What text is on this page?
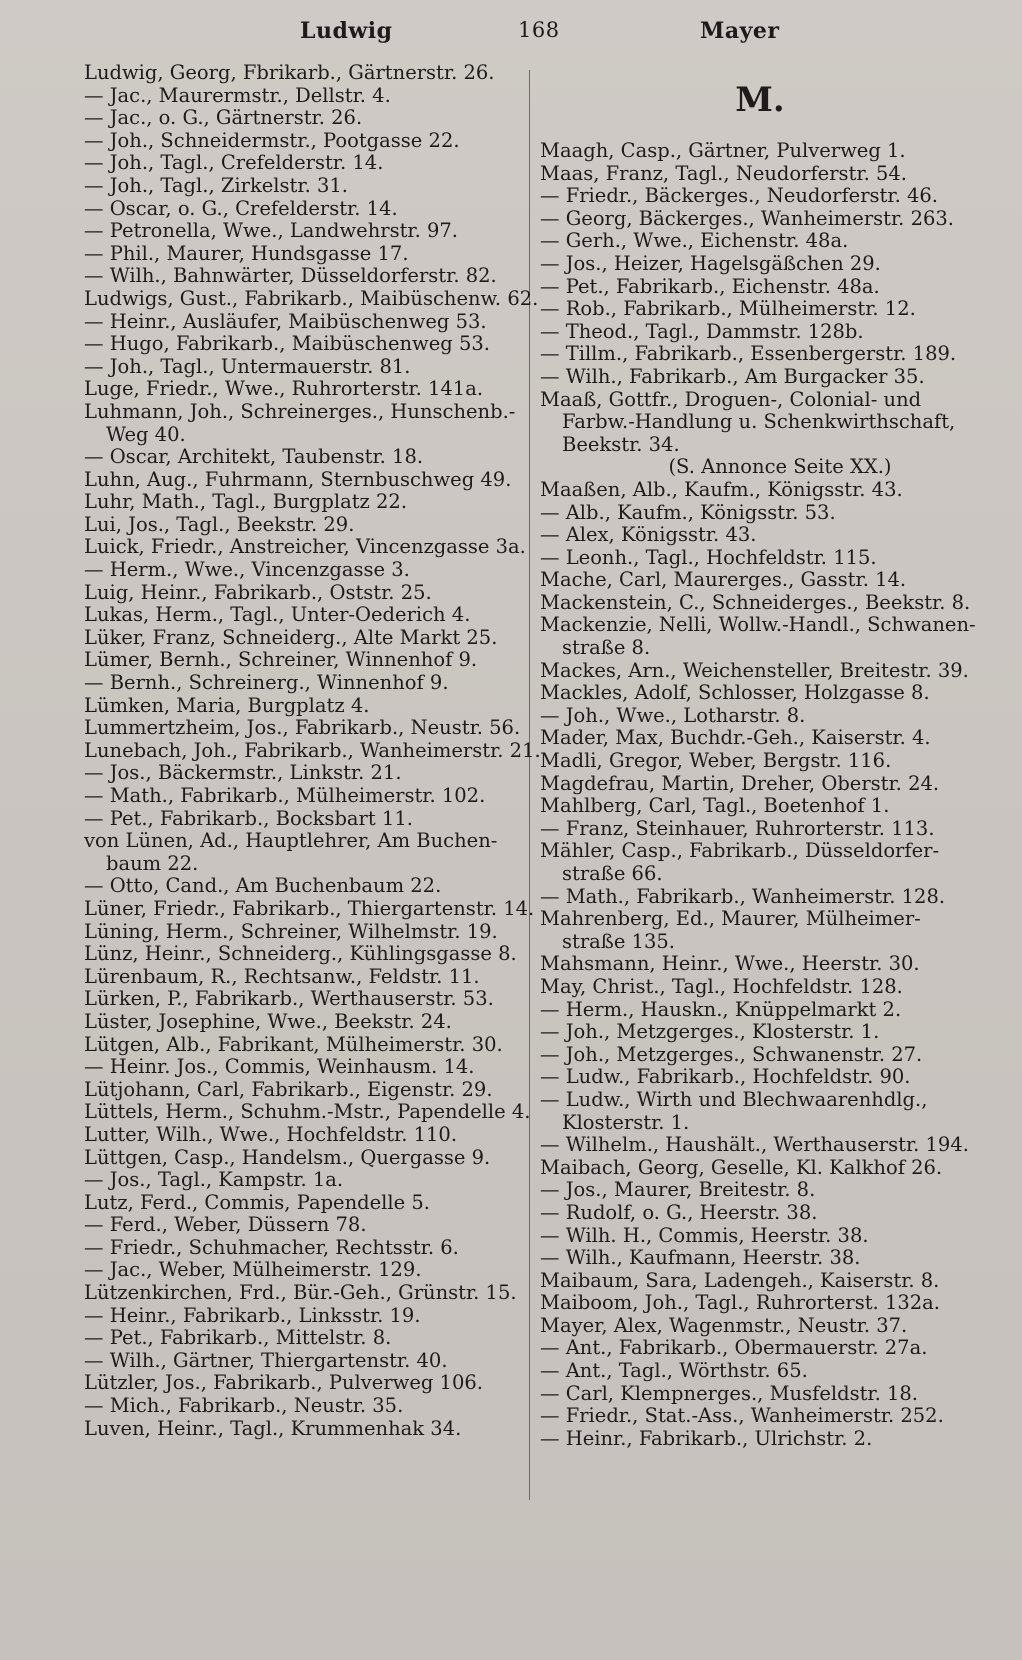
Ludwig	168	Mayer
Ludwig, Georg, Fbrikarb., Gärtnerstr. 26.
— Jac., Maurermstr., Dellstr. 4.
— Jac., o. G., Gärtnerstr. 26.
— Joh., Schneidermstr., Pootgasse 22.
— Joh., Tagl., Crefelderstr. 14.
— Joh., Tagl., Zirkelstr. 31.
— Oscar, o. G., Crefelderstr. 14.
— Petronella, Wwe., Landwehrstr. 97.
— Phil., Maurer, Hundsgasse 17.
— Wilh., Bahnwärter, Düsseldorferstr. 82.
Ludwigs, Gust., Fabrikarb., Maibüschenw. 62.
— Heinr., Ausläufer, Maibüschenweg 53.
— Hugo, Fabrikarb., Maibüschenweg 53.
— Joh., Tagl., Untermauerstr. 81.
Luge, Friedr., Wwe., Ruhrorterstr. 141a.
Luhmann, Joh., Schreinerges., Hunschenb.-
Weg 40.
— Oscar, Architekt, Taubenstr. 18.
Luhn, Aug., Fuhrmann, Sternbuschweg 49.
Luhr, Math., Tagl., Burgplatz 22.
Lui, Jos., Tagl., Beekstr. 29.
Luick, Friedr., Anstreicher, Vincenzgasse 3a.
— Herm., Wwe., Vincenzgasse 3.
Luig, Heinr., Fabrikarb., Oststr. 25.
Lukas, Herm., Tagl., Unter-Oederich 4.
Lüker, Franz, Schneiderg., Alte Markt 25.
Lümer, Bernh., Schreiner, Winnenhof 9.
— Bernh., Schreinerg., Winnenhof 9.
Lümken, Maria, Burgplatz 4.
Lummertzheim, Jos., Fabrikarb., Neustr. 56.
Lunebach, Joh., Fabrikarb., Wanheimerstr. 21.
— Jos., Bäckermstr., Linkstr. 21.
— Math., Fabrikarb., Mülheimerstr. 102.
— Pet., Fabrikarb., Bocksbart 11.
von Lünen, Ad., Hauptlehrer, Am Buchen-
baum 22.
— Otto, Cand., Am Buchenbaum 22.
Lüner, Friedr., Fabrikarb., Thiergartenstr. 14.
Lüning, Herm., Schreiner, Wilhelmstr. 19.
Lünz, Heinr., Schneiderg., Kühlingsgasse 8.
Lürenbaum, R., Rechtsanw., Feldstr. 11.
Lürken, P., Fabrikarb., Werthauserstr. 53.
Lüster, Josephine, Wwe., Beekstr. 24.
Lütgen, Alb., Fabrikant, Mülheimerstr. 30.
— Heinr. Jos., Commis, Weinhausm. 14.
Lütjohann, Carl, Fabrikarb., Eigenstr. 29.
Lüttels, Herm., Schuhm.-Mstr., Papendelle 4.
Lutter, Wilh., Wwe., Hochfeldstr. 110.
Lüttgen, Casp., Handelsm., Quergasse 9.
— Jos., Tagl., Kampstr. 1a.
Lutz, Ferd., Commis, Papendelle 5.
— Ferd., Weber, Düssern 78.
— Friedr., Schuhmacher, Rechtsstr. 6.
— Jac., Weber, Mülheimerstr. 129.
Lützenkirchen, Frd., Bür.-Geh., Grünstr. 15.
— Heinr., Fabrikarb., Linksstr. 19.
— Pet., Fabrikarb., Mittelstr. 8.
— Wilh., Gärtner, Thiergartenstr. 40.
Lützler, Jos., Fabrikarb., Pulverweg 106.
— Mich., Fabrikarb., Neustr. 35.
Luven, Heinr., Tagl., Krummenhak 34.
M.
Maagh, Casp., Gärtner, Pulverweg 1.
Maas, Franz, Tagl., Neudorferstr. 54.
— Friedr., Bäckerges., Neudorferstr. 46.
— Georg, Bäckerges., Wanheimerstr. 263.
— Gerh., Wwe., Eichenstr. 48a.
— Jos., Heizer, Hagelsgäßchen 29.
— Pet., Fabrikarb., Eichenstr. 48a.
— Rob., Fabrikarb., Mülheimerstr. 12.
— Theod., Tagl., Dammstr. 128b.
— Tillm., Fabrikarb., Essenbergerstr. 189.
— Wilh., Fabrikarb., Am Burgacker 35.
Maaß, Gottfr., Droguen-, Colonial- und
Farbw.-Handlung u. Schenkwirthschaft,
Beekstr. 34.
(S. Annonce Seite XX.)
Maaßen, Alb., Kaufm., Königsstr. 43.
— Alb., Kaufm., Königsstr. 53.
— Alex, Königsstr. 43.
— Leonh., Tagl., Hochfeldstr. 115.
Mache, Carl, Maurerges., Gasstr. 14.
Mackenstein, C., Schneiderges., Beekstr. 8.
Mackenzie, Nelli, Wollw.-Handl., Schwanen-
straße 8.
Mackes, Arn., Weichensteller, Breitestr. 39.
Mackles, Adolf, Schlosser, Holzgasse 8.
— Joh., Wwe., Lotharstr. 8.
Mader, Max, Buchdr.-Geh., Kaiserstr. 4.
Madli, Gregor, Weber, Bergstr. 116.
Magdefrau, Martin, Dreher, Oberstr. 24.
Mahlberg, Carl, Tagl., Boetenhof 1.
— Franz, Steinhauer, Ruhrorterstr. 113.
Mähler, Casp., Fabrikarb., Düsseldorfer-
straße 66.
— Math., Fabrikarb., Wanheimerstr. 128.
Mahrenberg, Ed., Maurer, Mülheimer-
straße 135.
Mahsmann, Heinr., Wwe., Heerstr. 30.
May, Christ., Tagl., Hochfeldstr. 128.
— Herm., Hauskn., Knüppelmarkt 2.
— Joh., Metzgerges., Klosterstr. 1.
— Joh., Metzgerges., Schwanenstr. 27.
— Ludw., Fabrikarb., Hochfeldstr. 90.
— Ludw., Wirth und Blechwaarenhdlg.,
Klosterstr. 1.
— Wilhelm., Haushält., Werthauserstr. 194.
Maibach, Georg, Geselle, Kl. Kalkhof 26.
— Jos., Maurer, Breitestr. 8.
— Rudolf, o. G., Heerstr. 38.
— Wilh. H., Commis, Heerstr. 38.
— Wilh., Kaufmann, Heerstr. 38.
Maibaum, Sara, Ladengeh., Kaiserstr. 8.
Maiboom, Joh., Tagl., Ruhrorterst. 132a.
Mayer, Alex, Wagenmstr., Neustr. 37.
— Ant., Fabrikarb., Obermauerstr. 27a.
— Ant., Tagl., Wörthstr. 65.
— Carl, Klempnerges., Musfeldstr. 18.
— Friedr., Stat.-Ass., Wanheimerstr. 252.
— Heinr., Fabrikarb., Ulrichstr. 2.
